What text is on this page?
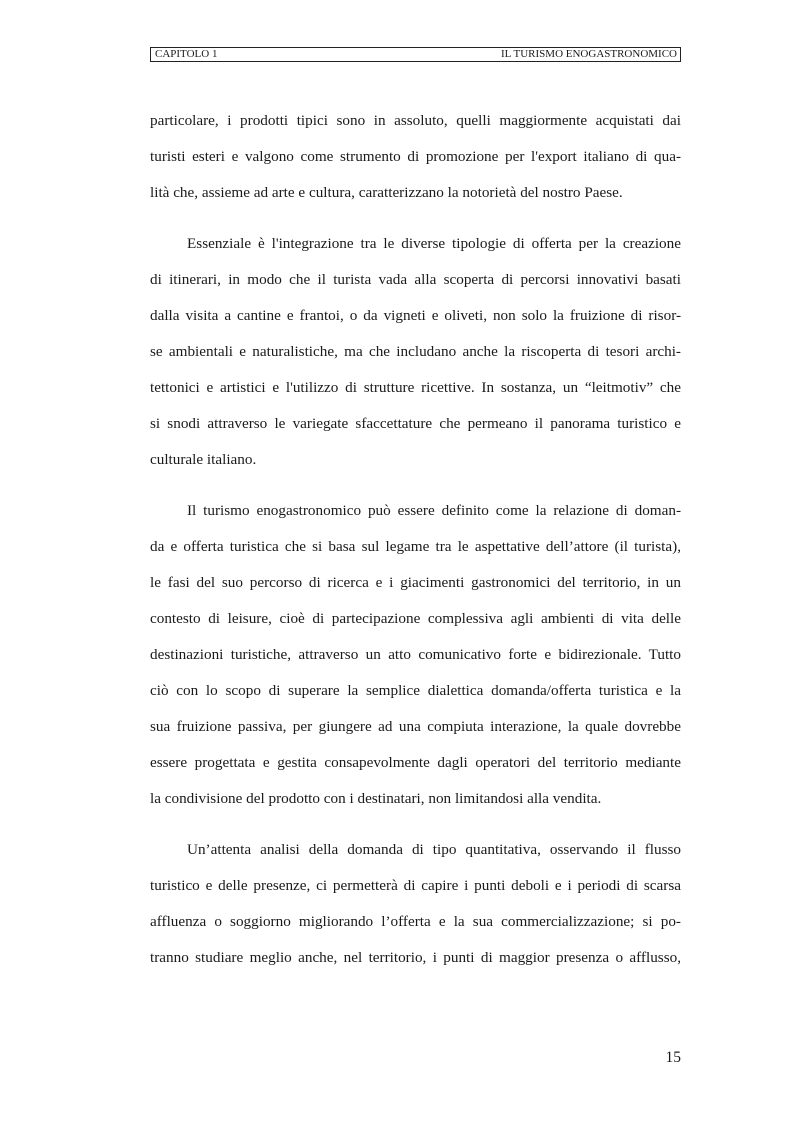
CAPITOLO 1	IL TURISMO ENOGASTRONOMICO
particolare, i prodotti tipici sono in assoluto, quelli maggiormente acquistati dai
turisti esteri e valgono come strumento di promozione per l'export italiano di qua-
lità che, assieme ad arte e cultura, caratterizzano la notorietà del nostro Paese.
Essenziale è l'integrazione tra le diverse tipologie di offerta per la creazione
di itinerari, in modo che il turista vada alla scoperta di percorsi innovativi basati
dalla visita a cantine e frantoi, o da vigneti e oliveti, non solo la fruizione di risor-
se ambientali e naturalistiche, ma che includano anche la riscoperta di tesori archi-
tettonici e artistici e l'utilizzo di strutture ricettive. In sostanza, un “leitmotiv” che
si snodi attraverso le variegate sfaccettature che permeano il panorama turistico e
culturale italiano.
Il turismo enogastronomico può essere definito come la relazione di doman-
da e offerta turistica che si basa sul legame tra le aspettative dell’attore (il turista),
le fasi del suo percorso di ricerca e i giacimenti gastronomici del territorio, in un
contesto di leisure, cioè di partecipazione complessiva agli ambienti di vita delle
destinazioni turistiche, attraverso un atto comunicativo forte e bidirezionale. Tutto
ciò con lo scopo di superare la semplice dialettica domanda/offerta turistica e la
sua fruizione passiva, per giungere ad una compiuta interazione, la quale dovrebbe
essere progettata e gestita consapevolmente dagli operatori del territorio mediante
la condivisione del prodotto con i destinatari, non limitandosi alla vendita.
Un’attenta analisi della domanda di tipo quantitativa, osservando il flusso
turistico e delle presenze, ci permetterà di capire i punti deboli e i periodi di scarsa
affluenza o soggiorno migliorando l’offerta e la sua commercializzazione; si po-
tranno studiare meglio anche, nel territorio, i punti di maggior presenza o afflusso,
15
